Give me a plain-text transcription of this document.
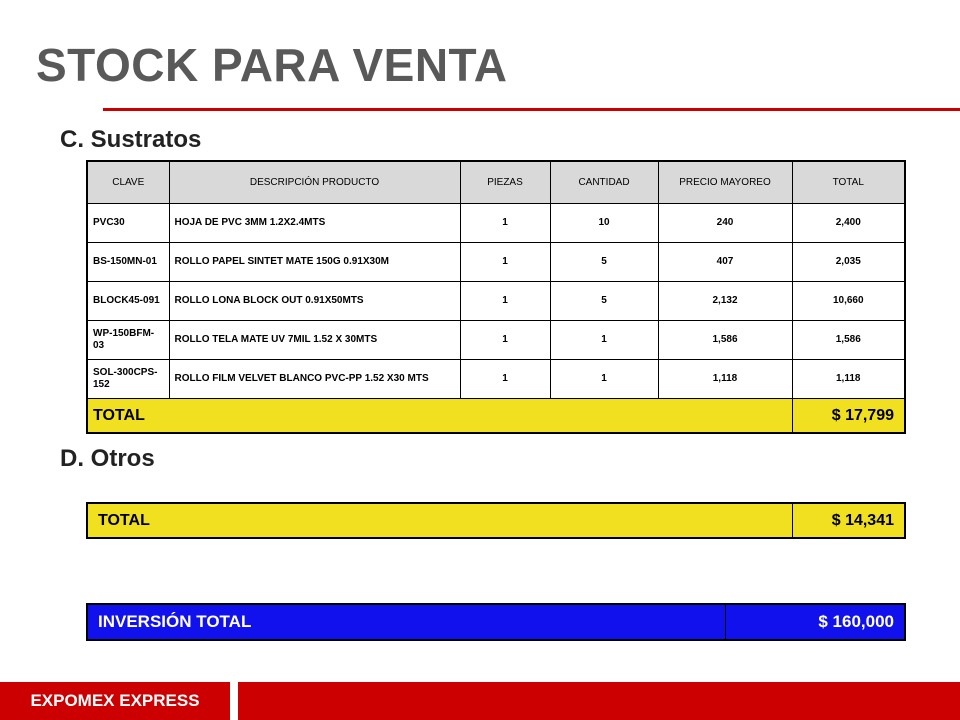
STOCK PARA VENTA
C. Sustratos
CLAVE	DESCRIPCIÓN PRODUCTO	PIEZAS	CANTIDAD	PRECIO MAYOREO	TOTAL
PVC30	HOJA DE PVC 3MM 1.2X2.4MTS	1	10	240	2,400
BS-150MN-01	ROLLO PAPEL SINTET MATE 150G 0.91X30M	1	5	407	2,035
BLOCK45-091	ROLLO LONA BLOCK OUT 0.91X50MTS	1	5	2,132	10,660
WP-150BFM-03	ROLLO TELA MATE UV 7MIL 1.52 X 30MTS	1	1	1,586	1,586
SOL-300CPS-152	ROLLO FILM VELVET BLANCO PVC-PP 1.52 X30 MTS	1	1	1,118	1,118
TOTAL					$ 17,799
D. Otros
TOTAL	$ 14,341
INVERSIÓN TOTAL	$ 160,000
EXPOMEX EXPRESS
